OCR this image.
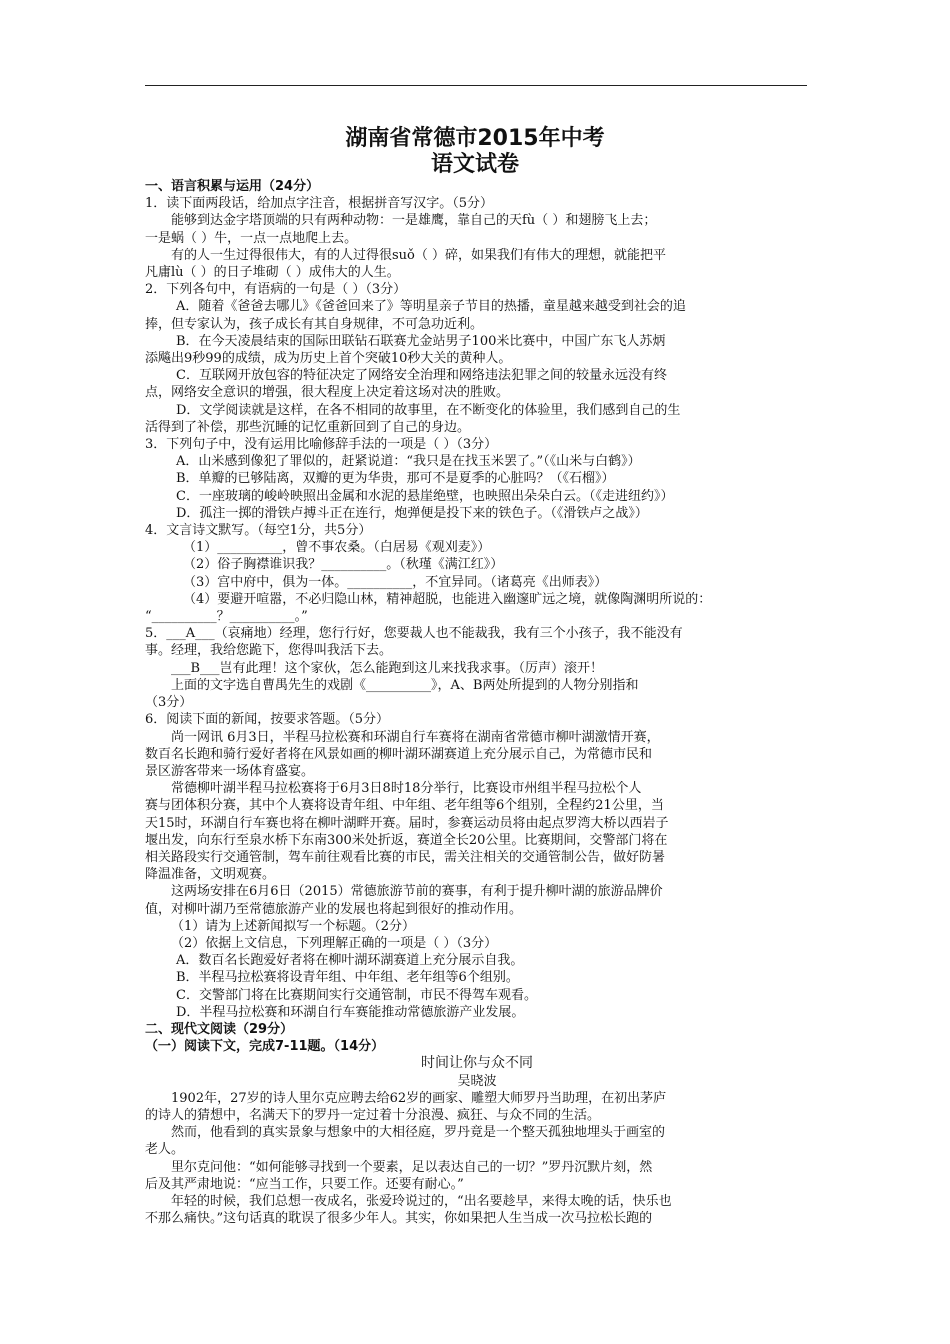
湖南省常德市2015年中考
语文试卷
一、语言积累与运用（24分）
1．读下面两段话，给加点字注音，根据拼音写汉字。（5分）
能够到达金字塔顶端的只有两种动物：一是雄鹰，靠自己的天fù（ ）和翅膀飞上去；
一是蜗（ ）牛，一点一点地爬上去。
有的人一生过得很伟大，有的人过得很suǒ（ ）碎，如果我们有伟大的理想，就能把平
凡庸lù（ ）的日子堆砌（ ）成伟大的人生。
2．下列各句中，有语病的一句是（ ）（3分）
A．随着《爸爸去哪儿》《爸爸回来了》等明星亲子节目的热播，童星越来越受到社会的追
捧，但专家认为，孩子成长有其自身规律，不可急功近利。
B．在今天凌晨结束的国际田联钻石联赛尤金站男子100米比赛中，中国广东飞人苏炳
添飚出9秒99的成绩，成为历史上首个突破10秒大关的黄种人。
C．互联网开放包容的特征决定了网络安全治理和网络违法犯罪之间的较量永远没有终
点，网络安全意识的增强，很大程度上决定着这场对决的胜败。
D．文学阅读就是这样，在各不相同的故事里，在不断变化的体验里，我们感到自己的生
活得到了补偿，那些沉睡的记忆重新回到了自己的身边。
3．下列句子中，没有运用比喻修辞手法的一项是（ ）（3分）
A．山米感到像犯了罪似的，赶紧说道：“我只是在找玉米罢了。”（《山米与白鹤》）
B．单瓣的已够陆离，双瓣的更为华贵，那可不是夏季的心脏吗？（《石榴》）
C．一座玻璃的峻岭映照出金属和水泥的悬崖绝壁，也映照出朵朵白云。（《走进纽约》）
D．孤注一掷的滑铁卢搏斗正在连行，炮弹便是投下来的铁色子。（《滑铁卢之战》）
4．文言诗文默写。（每空1分，共5分）
（1）__________，曾不事农桑。（白居易《观刈麦》）
（2）俗子胸襟谁识我？__________。（秋瑾《满江红》）
（3）宫中府中，俱为一体。__________，不宜异同。（诸葛亮《出师表》）
（4）要避开喧嚣，不必归隐山林，精神超脱，也能进入幽邃旷远之境，就像陶渊明所说的：
“__________？__________。”
5．___A___（哀痛地）经理，您行行好，您要裁人也不能裁我，我有三个小孩子，我不能没有
事。经理，我给您跪下，您得叫我活下去。
___B___岂有此理！这个家伙，怎么能跑到这儿来找我求事。（厉声）滚开！
上面的文字选自曹禺先生的戏剧《__________》，A、B两处所提到的人物分别指和
（3分）
6．阅读下面的新闻，按要求答题。（5分）
尚一网讯 6月3日，半程马拉松赛和环湖自行车赛将在湖南省常德市柳叶湖激情开赛，
数百名长跑和骑行爱好者将在风景如画的柳叶湖环湖赛道上充分展示自己，为常德市民和
景区游客带来一场体育盛宴。
常德柳叶湖半程马拉松赛将于6月3日8时18分举行，比赛设市州组半程马拉松个人
赛与团体积分赛，其中个人赛将设青年组、中年组、老年组等6个组别，全程约21公里，当
天15时，环湖自行车赛也将在柳叶湖畔开赛。届时，参赛运动员将由起点罗湾大桥以西岩子
堰出发，向东行至泉水桥下东南300米处折返，赛道全长20公里。比赛期间，交警部门将在
相关路段实行交通管制，驾车前往观看比赛的市民，需关注相关的交通管制公告，做好防暑
降温准备，文明观赛。
这两场安排在6月6日（2015）常德旅游节前的赛事，有利于提升柳叶湖的旅游品牌价
值，对柳叶湖乃至常德旅游产业的发展也将起到很好的推动作用。
（1）请为上述新闻拟写一个标题。（2分）
（2）依据上文信息，下列理解正确的一项是（ ）（3分）
A．数百名长跑爱好者将在柳叶湖环湖赛道上充分展示自我。
B．半程马拉松赛将设青年组、中年组、老年组等6个组别。
C．交警部门将在比赛期间实行交通管制，市民不得驾车观看。
D．半程马拉松赛和环湖自行车赛能推动常德旅游产业发展。
二、现代文阅读（29分）
（一）阅读下文，完成7-11题。（14分）
时间让你与众不同
吴晓波
1902年，27岁的诗人里尔克应聘去给62岁的画家、雕塑大师罗丹当助理，在初出茅庐
的诗人的猜想中，名满天下的罗丹一定过着十分浪漫、疯狂、与众不同的生活。
然而，他看到的真实景象与想象中的大相径庭，罗丹竟是一个整天孤独地埋头于画室的
老人。
里尔克问他：“如何能够寻找到一个要素，足以表达自己的一切？”罗丹沉默片刻，然
后及其严肃地说：“应当工作，只要工作。还要有耐心。”
年轻的时候，我们总想一夜成名，张爱玲说过的，“出名要趁早，来得太晚的话，快乐也
不那么痛快。”这句话真的耽误了很多少年人。其实，你如果把人生当成一次马拉松长跑的
